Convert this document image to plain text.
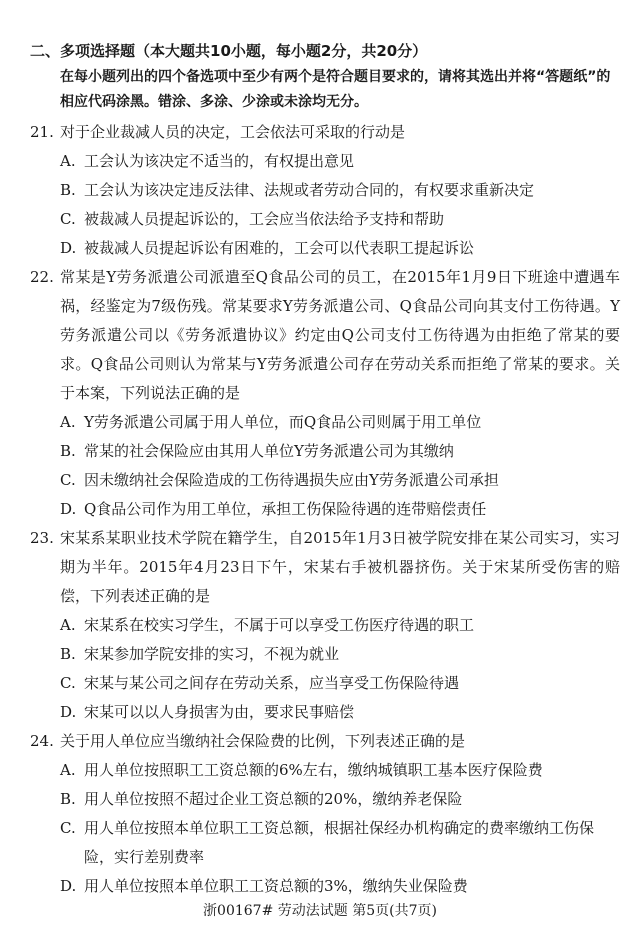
二、多项选择题（本大题共10小题，每小题2分，共20分）
在每小题列出的四个备选项中至少有两个是符合题目要求的，请将其选出并将“答题纸”的相应代码涂黑。错涂、多涂、少涂或未涂均无分。
21. 对于企业裁减人员的决定，工会依法可采取的行动是
A. 工会认为该决定不适当的，有权提出意见
B. 工会认为该决定违反法律、法规或者劳动合同的，有权要求重新决定
C. 被裁减人员提起诉讼的，工会应当依法给予支持和帮助
D. 被裁减人员提起诉讼有困难的，工会可以代表职工提起诉讼
22. 常某是Y劳务派遣公司派遣至Q食品公司的员工，在2015年1月9日下班途中遭遇车祸，经鉴定为7级伤残。常某要求Y劳务派遣公司、Q食品公司向其支付工伤待遇。Y劳务派遣公司以《劳务派遣协议》约定由Q公司支付工伤待遇为由拒绝了常某的要求。Q食品公司则认为常某与Y劳务派遣公司存在劳动关系而拒绝了常某的要求。关于本案，下列说法正确的是
A. Y劳务派遣公司属于用人单位，而Q食品公司则属于用工单位
B. 常某的社会保险应由其用人单位Y劳务派遣公司为其缴纳
C. 因未缴纳社会保险造成的工伤待遇损失应由Y劳务派遣公司承担
D. Q食品公司作为用工单位，承担工伤保险待遇的连带赔偿责任
23. 宋某系某职业技术学院在籍学生，自2015年1月3日被学院安排在某公司实习，实习期为半年。2015年4月23日下午，宋某右手被机器挤伤。关于宋某所受伤害的赔偿，下列表述正确的是
A. 宋某系在校实习学生，不属于可以享受工伤医疗待遇的职工
B. 宋某参加学院安排的实习，不视为就业
C. 宋某与某公司之间存在劳动关系，应当享受工伤保险待遇
D. 宋某可以以人身损害为由，要求民事赔偿
24. 关于用人单位应当缴纳社会保险费的比例，下列表述正确的是
A. 用人单位按照职工工资总额的6%左右，缴纳城镇职工基本医疗保险费
B. 用人单位按照不超过企业工资总额的20%，缴纳养老保险
C. 用人单位按照本单位职工工资总额，根据社保经办机构确定的费率缴纳工伤保险，实行差别费率
D. 用人单位按照本单位职工工资总额的3%，缴纳失业保险费
浙00167# 劳动法试题 第5页(共7页)
